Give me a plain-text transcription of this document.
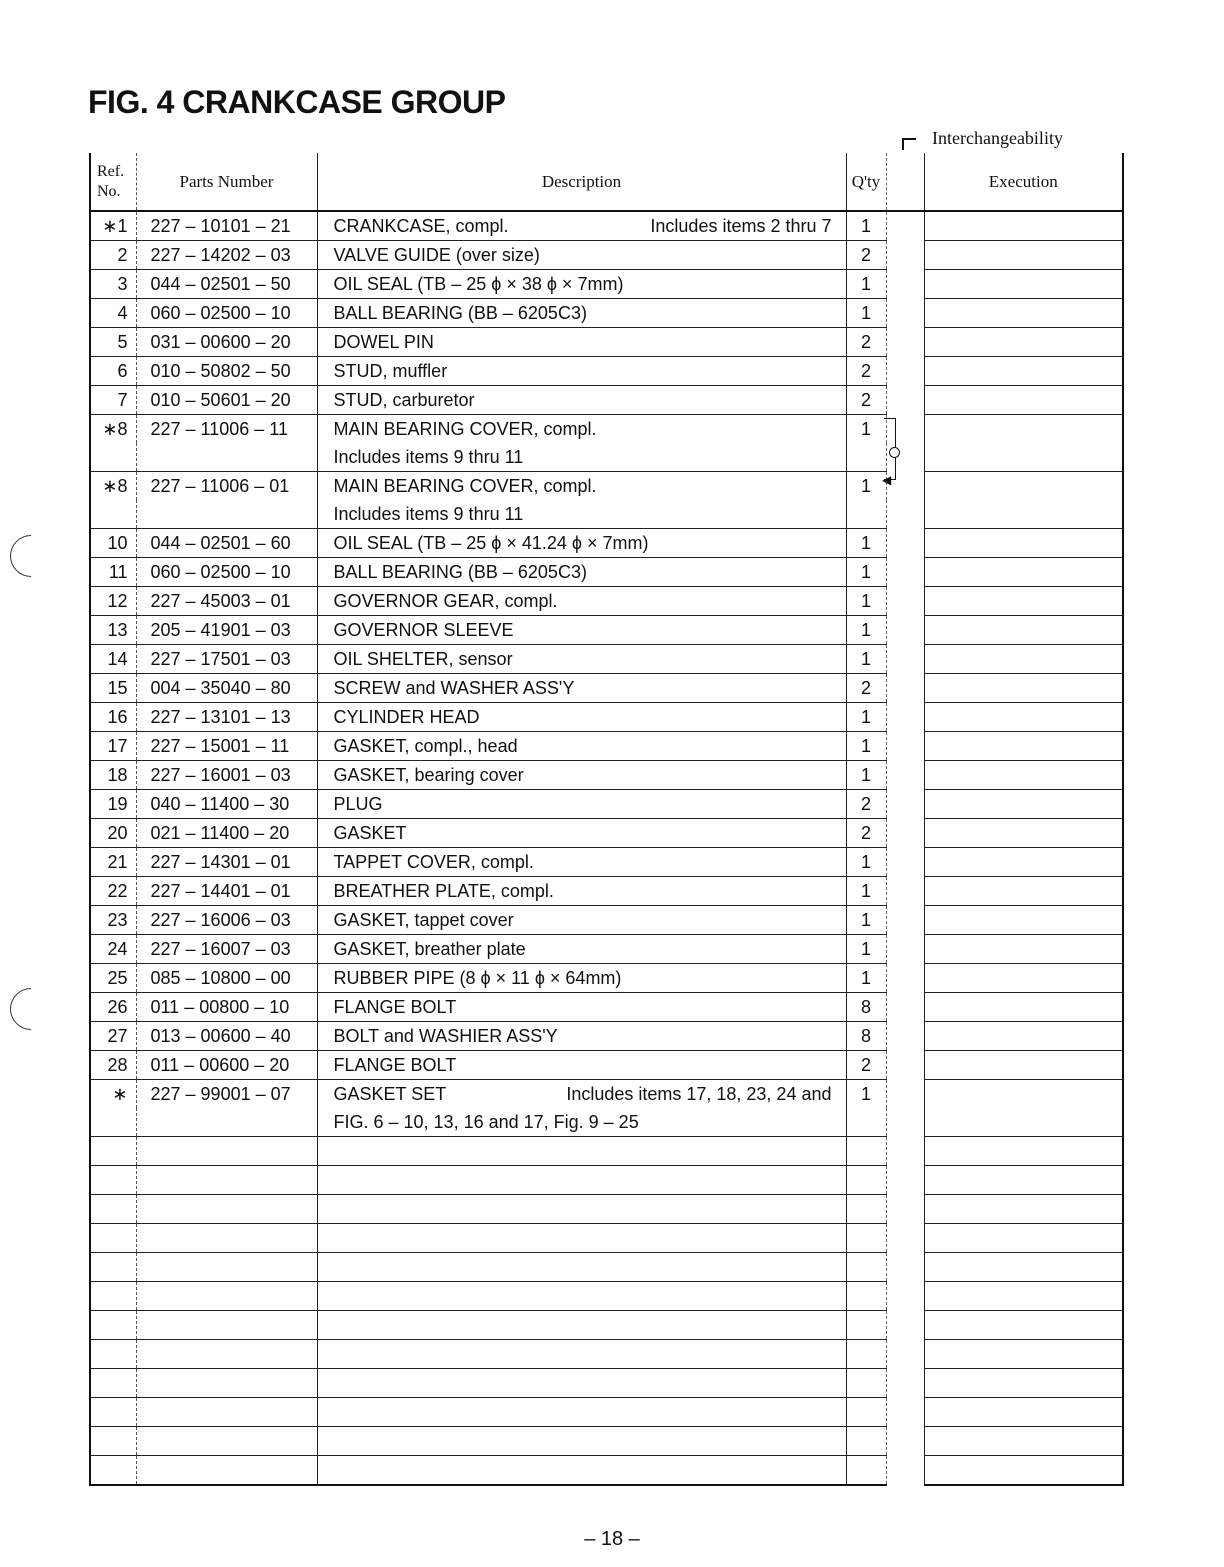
FIG. 4 CRANKCASE GROUP
Interchangeability
Ref. No.	Parts Number	Description	Q'ty		Execution
∗1	227 – 10101 – 21	CRANKCASE, compl. Includes items 2 thru 7	1		
2	227 – 14202 – 03	VALVE GUIDE (over size)	2		
3	044 – 02501 – 50	OIL SEAL (TB – 25 ϕ × 38 ϕ × 7mm)	1		
4	060 – 02500 – 10	BALL BEARING (BB – 6205C3)	1		
5	031 – 00600 – 20	DOWEL PIN	2		
6	010 – 50802 – 50	STUD, muffler	2		
7	010 – 50601 – 20	STUD, carburetor	2		
∗8	227 – 11006 – 11	MAIN BEARING COVER, compl.	1		

		Includes items 9 thru 11			

∗8	227 – 11006 – 01	MAIN BEARING COVER, compl.	1		

		Includes items 9 thru 11			

10	044 – 02501 – 60	OIL SEAL (TB – 25 ϕ × 41.24 ϕ × 7mm)	1		
11	060 – 02500 – 10	BALL BEARING (BB – 6205C3)	1		
12	227 – 45003 – 01	GOVERNOR GEAR, compl.	1		
13	205 – 41901 – 03	GOVERNOR SLEEVE	1		
14	227 – 17501 – 03	OIL SHELTER, sensor	1		
15	004 – 35040 – 80	SCREW and WASHER ASS'Y	2		
16	227 – 13101 – 13	CYLINDER HEAD	1		
17	227 – 15001 – 11	GASKET, compl., head	1		
18	227 – 16001 – 03	GASKET, bearing cover	1		
19	040 – 11400 – 30	PLUG	2		
20	021 – 11400 – 20	GASKET	2		
21	227 – 14301 – 01	TAPPET COVER, compl.	1		
22	227 – 14401 – 01	BREATHER PLATE, compl.	1		
23	227 – 16006 – 03	GASKET, tappet cover	1		
24	227 – 16007 – 03	GASKET, breather plate	1		
25	085 – 10800 – 00	RUBBER PIPE (8 ϕ × 11 ϕ × 64mm)	1		
26	011 – 00800 – 10	FLANGE BOLT	8		
27	013 – 00600 – 40	BOLT and WASHIER ASS'Y	8		
28	011 – 00600 – 20	FLANGE BOLT	2		
∗	227 – 99001 – 07	GASKET SET Includes items 17, 18, 23, 24 and	1		

		FIG. 6 – 10, 13, 16 and 17, Fig. 9 – 25			

◀
– 18 –
